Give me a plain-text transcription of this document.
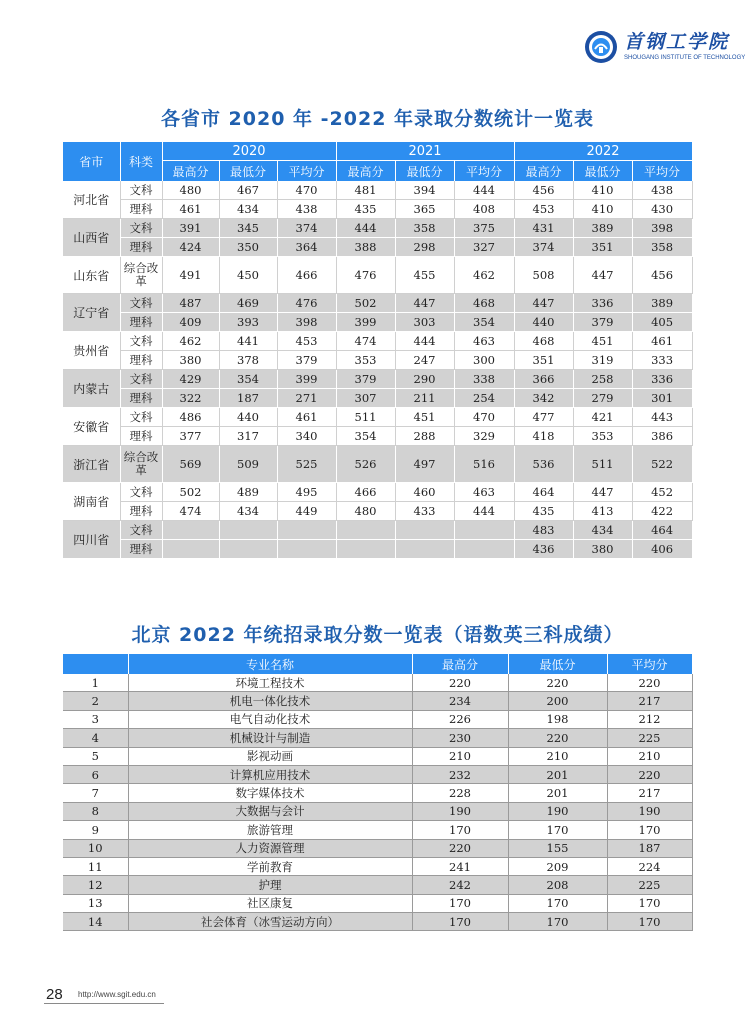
首钢工学院
SHOUGANG INSTITUTE OF TECHNOLOGY
各省市 2020 年 -2022 年录取分数统计一览表
省市	科类	2020			2021			2022		
		最高分	最低分	平均分	最高分	最低分	平均分	最高分	最低分	平均分
河北省	文科	480	467	470	481	394	444	456	410	438
	理科	461	434	438	435	365	408	453	410	430
山西省	文科	391	345	374	444	358	375	431	389	398
	理科	424	350	364	388	298	327	374	351	358
山东省	综合改革	491	450	466	476	455	462	508	447	456
辽宁省	文科	487	469	476	502	447	468	447	336	389
	理科	409	393	398	399	303	354	440	379	405
贵州省	文科	462	441	453	474	444	463	468	451	461
	理科	380	378	379	353	247	300	351	319	333
内蒙古	文科	429	354	399	379	290	338	366	258	336
	理科	322	187	271	307	211	254	342	279	301
安徽省	文科	486	440	461	511	451	470	477	421	443
	理科	377	317	340	354	288	329	418	353	386
浙江省	综合改革	569	509	525	526	497	516	536	511	522
湖南省	文科	502	489	495	466	460	463	464	447	452
	理科	474	434	449	480	433	444	435	413	422
四川省	文科							483	434	464
	理科							436	380	406
北京 2022 年统招录取分数一览表（语数英三科成绩）
	专业名称	最高分	最低分	平均分
1	环境工程技术	220	220	220
2	机电一体化技术	234	200	217
3	电气自动化技术	226	198	212
4	机械设计与制造	230	220	225
5	影视动画	210	210	210
6	计算机应用技术	232	201	220
7	数字媒体技术	228	201	217
8	大数据与会计	190	190	190
9	旅游管理	170	170	170
10	人力资源管理	220	155	187
11	学前教育	241	209	224
12	护理	242	208	225
13	社区康复	170	170	170
14	社会体育（冰雪运动方向）	170	170	170
28 http://www.sgit.edu.cn
